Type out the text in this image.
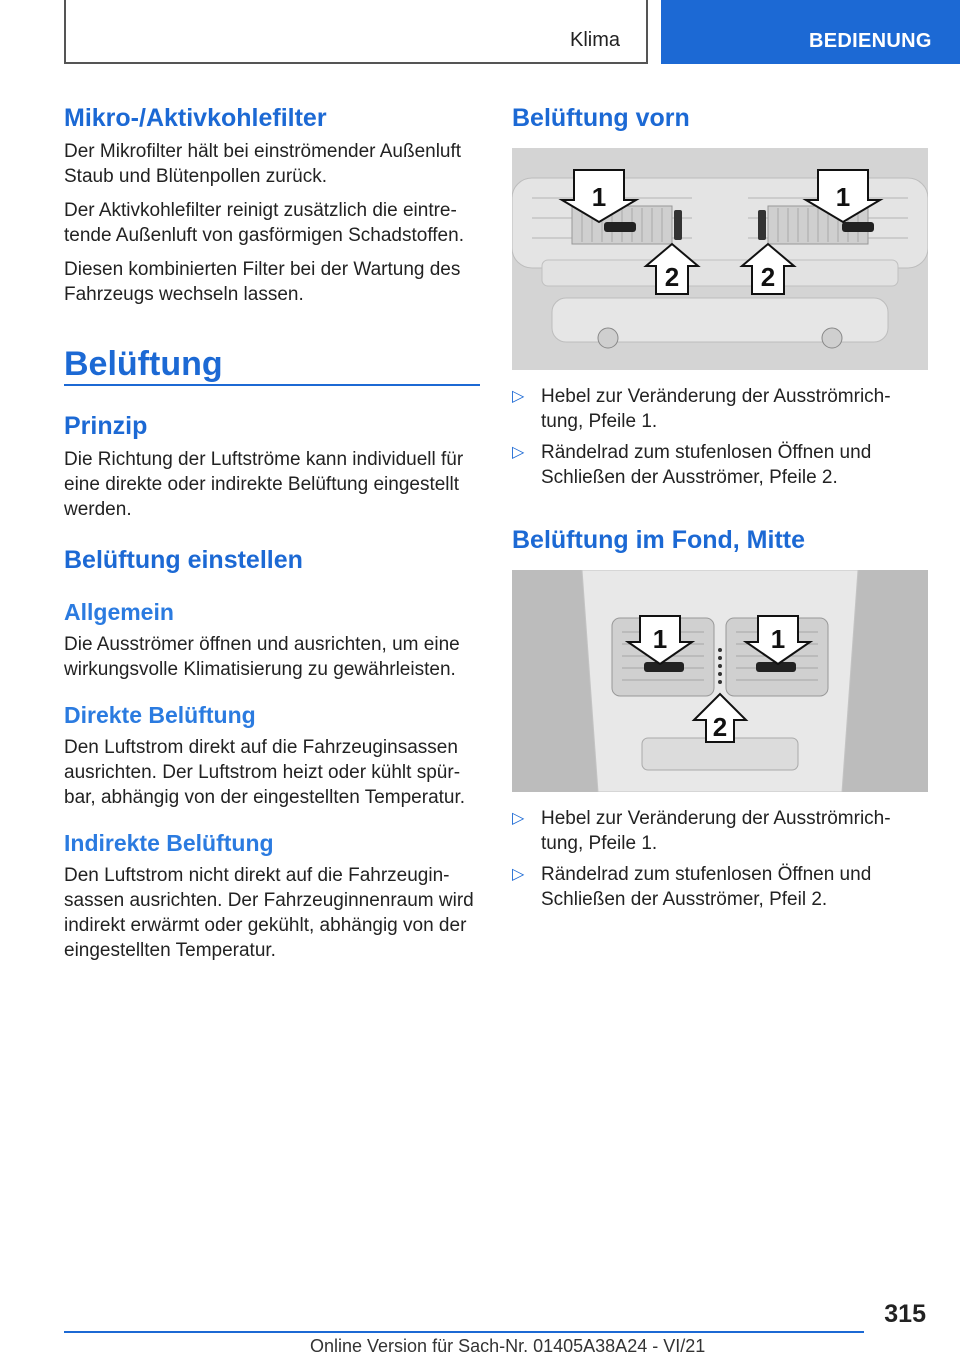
Klima	BEDIENUNG
Mikro-/Aktivkohlefilter

Der Mikrofilter hält bei einströmender Außenluft Staub und Blütenpollen zurück.

Der Aktivkohlefilter reinigt zusätzlich die eintretende Außenluft von gasförmigen Schadstoffen.

Diesen kombinierten Filter bei der Wartung des Fahrzeugs wechseln lassen.

Belüftung
Prinzip

Die Richtung der Luftströme kann individuell für eine direkte oder indirekte Belüftung eingestellt werden.

Belüftung einstellen
Allgemein

Die Ausströmer öffnen und ausrichten, um eine wirkungsvolle Klimatisierung zu gewährleisten.

Direkte Belüftung

Den Luftstrom direkt auf die Fahrzeuginsassen ausrichten. Der Luftstrom heizt oder kühlt spürbar, abhängig von der eingestellten Temperatur.

Indirekte Belüftung

Den Luftstrom nicht direkt auf die Fahrzeuginsassen ausrichten. Der Fahrzeuginnenraum wird indirekt erwärmt oder gekühlt, abhängig von der eingestellten Temperatur.

Belüftung vorn
1	1
2	2
▷ Hebel zur Veränderung der Ausströmrichtung, Pfeile 1.
▷ Rändelrad zum stufenlosen Öffnen und Schließen der Ausströmer, Pfeile 2.
Belüftung im Fond, Mitte
1	1
2
▷ Hebel zur Veränderung der Ausströmrichtung, Pfeile 1.
▷ Rändelrad zum stufenlosen Öffnen und Schließen der Ausströmer, Pfeil 2.
315
Online Version für Sach-Nr. 01405A38A24 - VI/21
